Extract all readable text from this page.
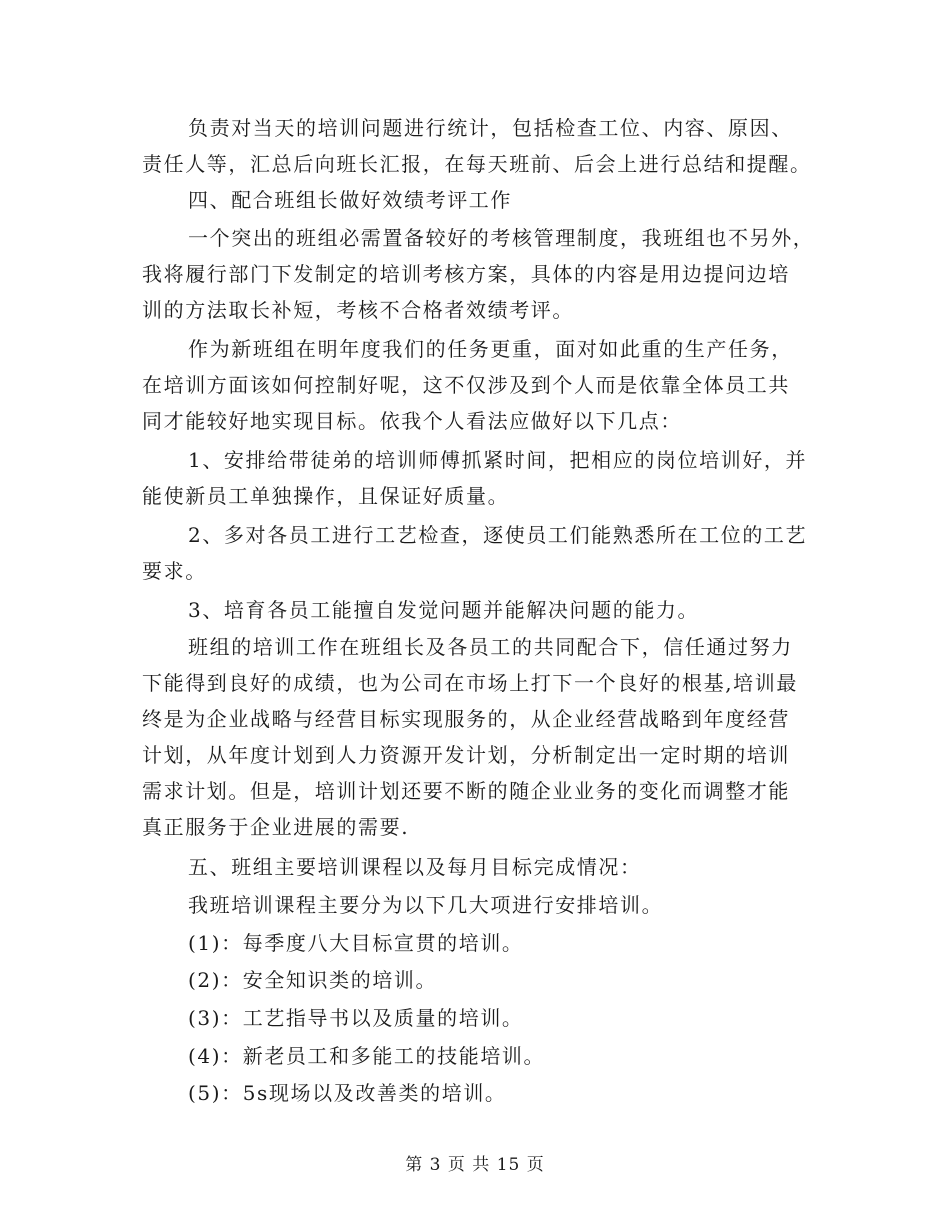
负责对当天的培训问题进行统计，包括检查工位、内容、原因、
责任人等，汇总后向班长汇报，在每天班前、后会上进行总结和提醒。
四、配合班组长做好效绩考评工作
一个突出的班组必需置备较好的考核管理制度，我班组也不另外，
我将履行部门下发制定的培训考核方案，具体的内容是用边提问边培
训的方法取长补短，考核不合格者效绩考评。
作为新班组在明年度我们的任务更重，面对如此重的生产任务，
在培训方面该如何控制好呢，这不仅涉及到个人而是依靠全体员工共
同才能较好地实现目标。依我个人看法应做好以下几点：
1、安排给带徒弟的培训师傅抓紧时间，把相应的岗位培训好，并
能使新员工单独操作，且保证好质量。
2、多对各员工进行工艺检查，逐使员工们能熟悉所在工位的工艺
要求。
3、培育各员工能擅自发觉问题并能解决问题的能力。
班组的培训工作在班组长及各员工的共同配合下，信任通过努力
下能得到良好的成绩，也为公司在市场上打下一个良好的根基,培训最
终是为企业战略与经营目标实现服务的，从企业经营战略到年度经营
计划，从年度计划到人力资源开发计划，分析制定出一定时期的培训
需求计划。但是，培训计划还要不断的随企业业务的变化而调整才能
真正服务于企业进展的需要.
五、班组主要培训课程以及每月目标完成情况：
我班培训课程主要分为以下几大项进行安排培训。
(1)：每季度八大目标宣贯的培训。
(2)：安全知识类的培训。
(3)：工艺指导书以及质量的培训。
(4)：新老员工和多能工的技能培训。
(5)：5s现场以及改善类的培训。
第 3 页 共 15 页
